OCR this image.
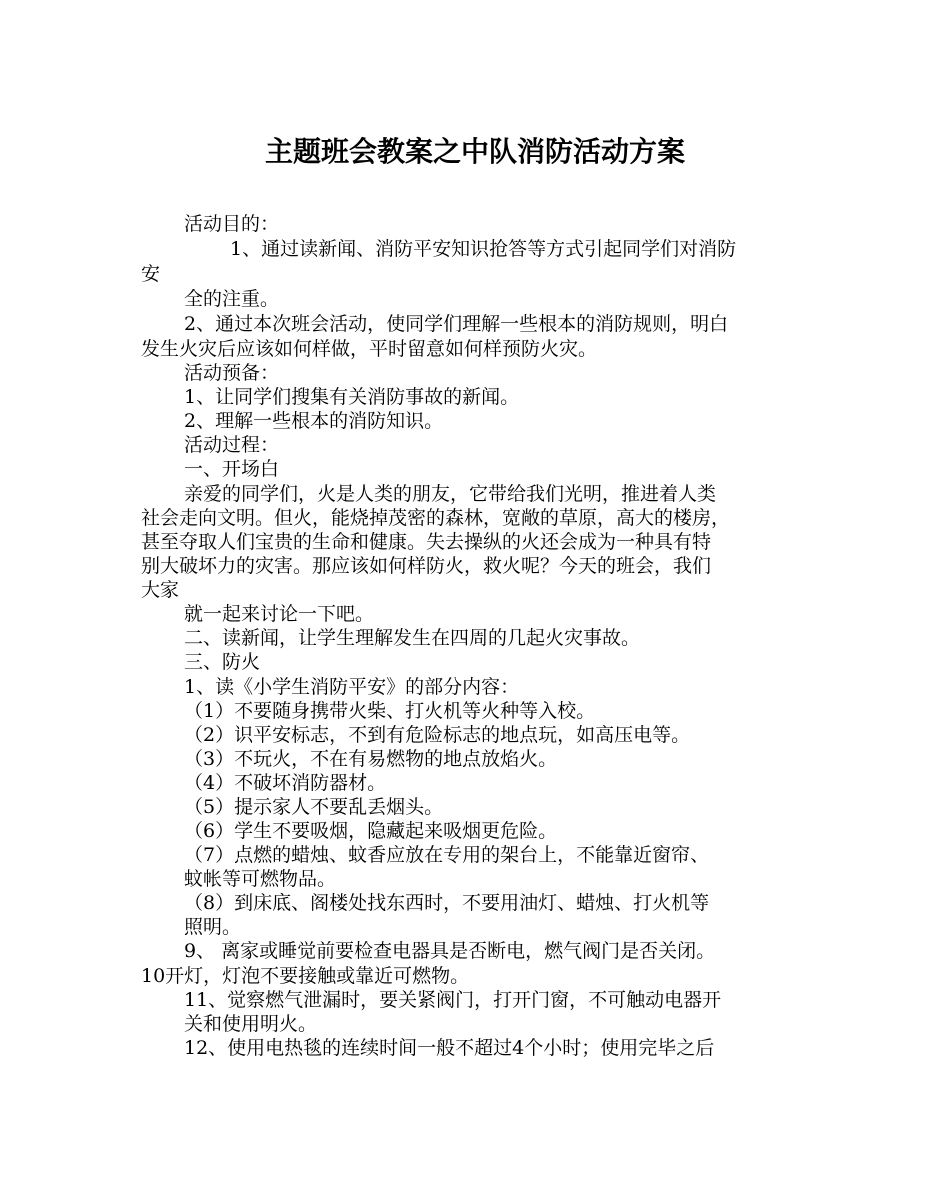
主题班会教案之中队消防活动方案
活动目的：
1、通过读新闻、消防平安知识抢答等方式引起同学们对消防
安
全的注重。
2、通过本次班会活动，使同学们理解一些根本的消防规则，明白
发生火灾后应该如何样做，平时留意如何样预防火灾。
活动预备：
1、让同学们搜集有关消防事故的新闻。
2、理解一些根本的消防知识。
活动过程：
一、开场白
亲爱的同学们，火是人类的朋友，它带给我们光明，推进着人类
社会走向文明。但火，能烧掉茂密的森林，宽敞的草原，高大的楼房，
甚至夺取人们宝贵的生命和健康。失去操纵的火还会成为一种具有特
别大破坏力的灾害。那应该如何样防火，救火呢？今天的班会，我们
大家
就一起来讨论一下吧。
二、读新闻，让学生理解发生在四周的几起火灾事故。
三、防火
1、读《小学生消防平安》的部分内容：
（1）不要随身携带火柴、打火机等火种等入校。
（2）识平安标志，不到有危险标志的地点玩，如高压电等。
（3）不玩火，不在有易燃物的地点放焰火。
（4）不破坏消防器材。
（5）提示家人不要乱丢烟头。
（6）学生不要吸烟，隐藏起来吸烟更危险。
（7）点燃的蜡烛、蚊香应放在专用的架台上，不能靠近窗帘、
蚊帐等可燃物品。
（8）到床底、阁楼处找东西时，不要用油灯、蜡烛、打火机等
照明。
9、 离家或睡觉前要检查电器具是否断电，燃气阀门是否关闭。
10开灯，灯泡不要接触或靠近可燃物。
11、觉察燃气泄漏时，要关紧阀门，打开门窗，不可触动电器开
关和使用明火。
12、使用电热毯的连续时间一般不超过4个小时；使用完毕之后
